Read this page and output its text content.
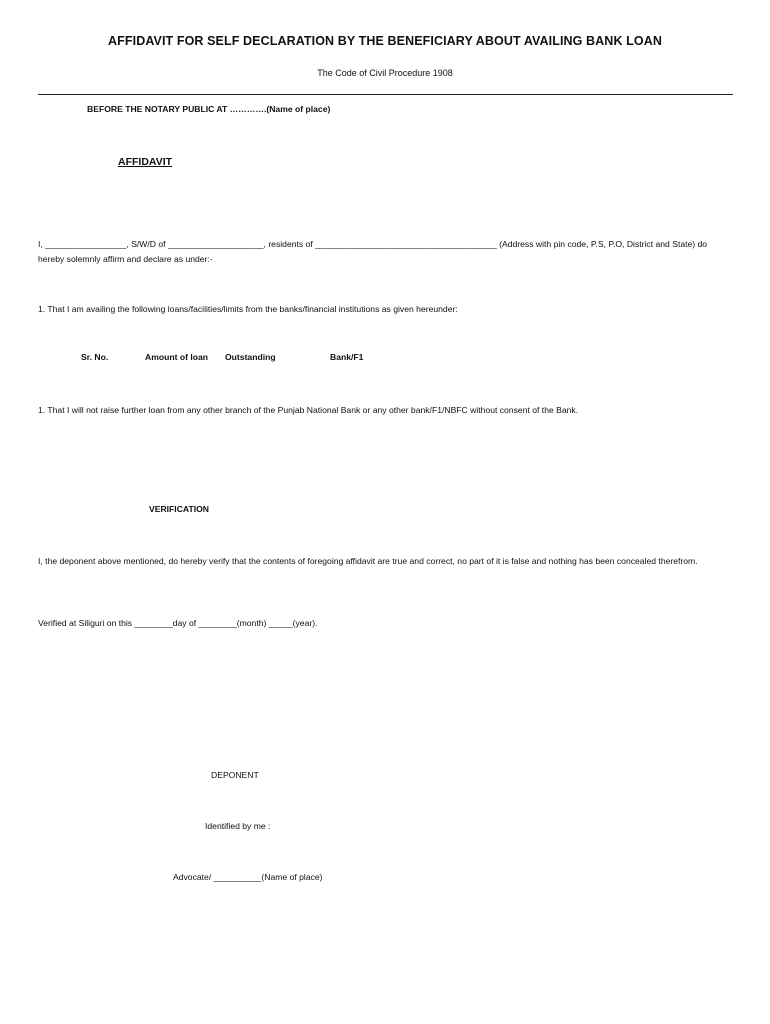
AFFIDAVIT FOR SELF DECLARATION BY THE BENEFICIARY ABOUT AVAILING BANK LOAN
The Code of Civil Procedure 1908
BEFORE THE NOTARY PUBLIC AT ………….(Name of place)
AFFIDAVIT
I, _________________, S/W/D of ____________________, residents of ______________________________________ (Address with pin code, P.S, P.O, District and State) do hereby solemnly affirm and declare as under:-
1. That I am availing the following loans/facilities/limits from the banks/financial institutions as given hereunder:
Sr. No.	Amount of loan Outstanding	Bank/F1
1. That I will not raise further loan from any other branch of the Punjab National Bank or any other bank/F1/NBFC without consent of the Bank.
VERIFICATION
I, the deponent above mentioned, do hereby verify that the contents of foregoing affidavit are true and correct, no part of it is false and nothing has been concealed therefrom.
Verified at Siliguri on this ________day of ________(month) _____(year).
DEPONENT
Identified by me :
Advocate/ __________(Name of place)
